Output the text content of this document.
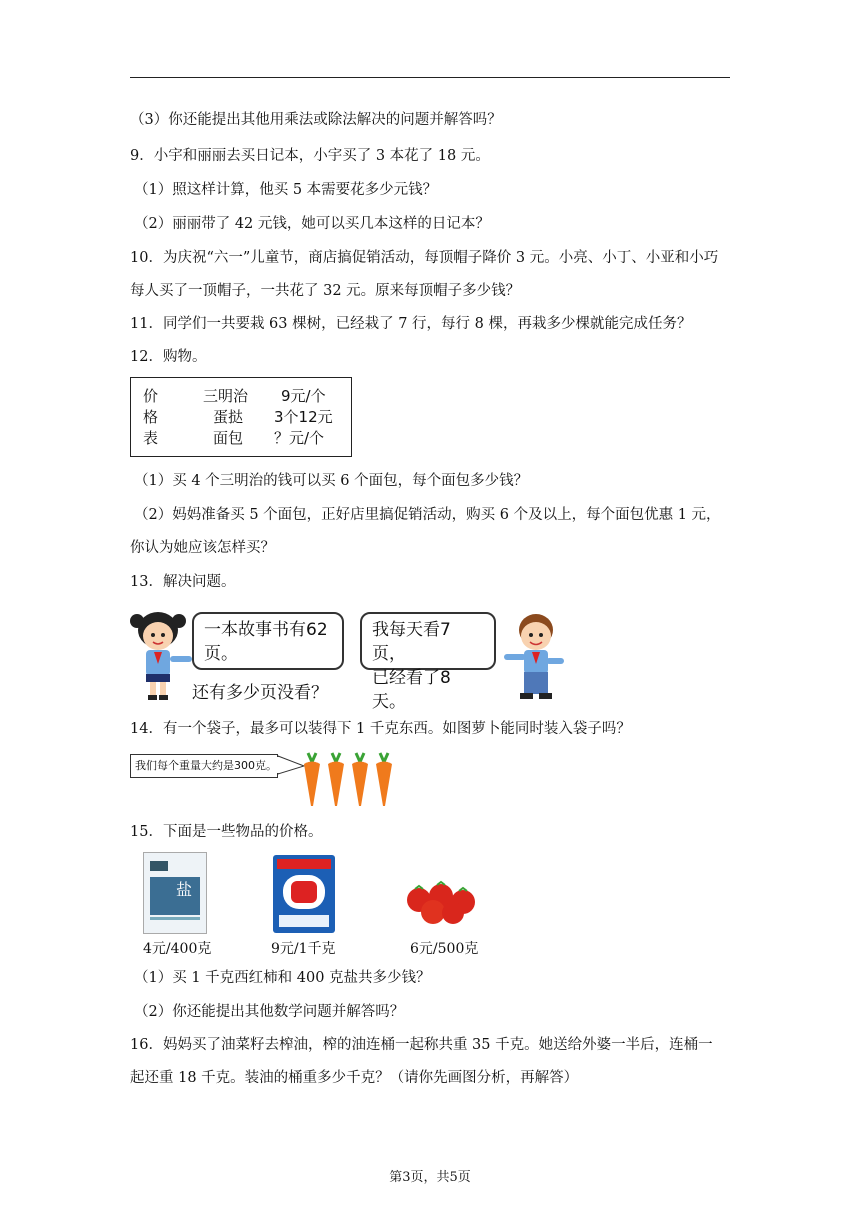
（3）你还能提出其他用乘法或除法解决的问题并解答吗？
9．小宇和丽丽去买日记本，小宇买了 3 本花了 18 元。
（1）照这样计算，他买 5 本需要花多少元钱？
（2）丽丽带了 42 元钱，她可以买几本这样的日记本？
10．为庆祝“六一”儿童节，商店搞促销活动，每顶帽子降价 3 元。小亮、小丁、小亚和小巧
每人买了一顶帽子，一共花了 32 元。原来每顶帽子多少钱？
11．同学们一共要栽 63 棵树，已经栽了 7 行，每行 8 棵，再栽多少棵就能完成任务？
12．购物。
价	三明治 9元/个
格	蛋挞 3个12元
表	面包 ？元/个
（1）买 4 个三明治的钱可以买 6 个面包，每个面包多少钱？
（2）妈妈准备买 5 个面包，正好店里搞促销活动，购买 6 个及以上，每个面包优惠 1 元，
你认为她应该怎样买？
13．解决问题。
一本故事书有62
页。
我每天看7页，
已经看了8天。
还有多少页没看？
14．有一个袋子，最多可以装得下 1 千克东西。如图萝卜能同时装入袋子吗？
我们每个重量大约是300克。
15．下面是一些物品的价格。
盐
4元/400克	9元/1千克	6元/500克
（1）买 1 千克西红柿和 400 克盐共多少钱？
（2）你还能提出其他数学问题并解答吗？
16．妈妈买了油菜籽去榨油，榨的油连桶一起称共重 35 千克。她送给外婆一半后，连桶一
起还重 18 千克。装油的桶重多少千克？（请你先画图分析，再解答）
第3页，共5页
